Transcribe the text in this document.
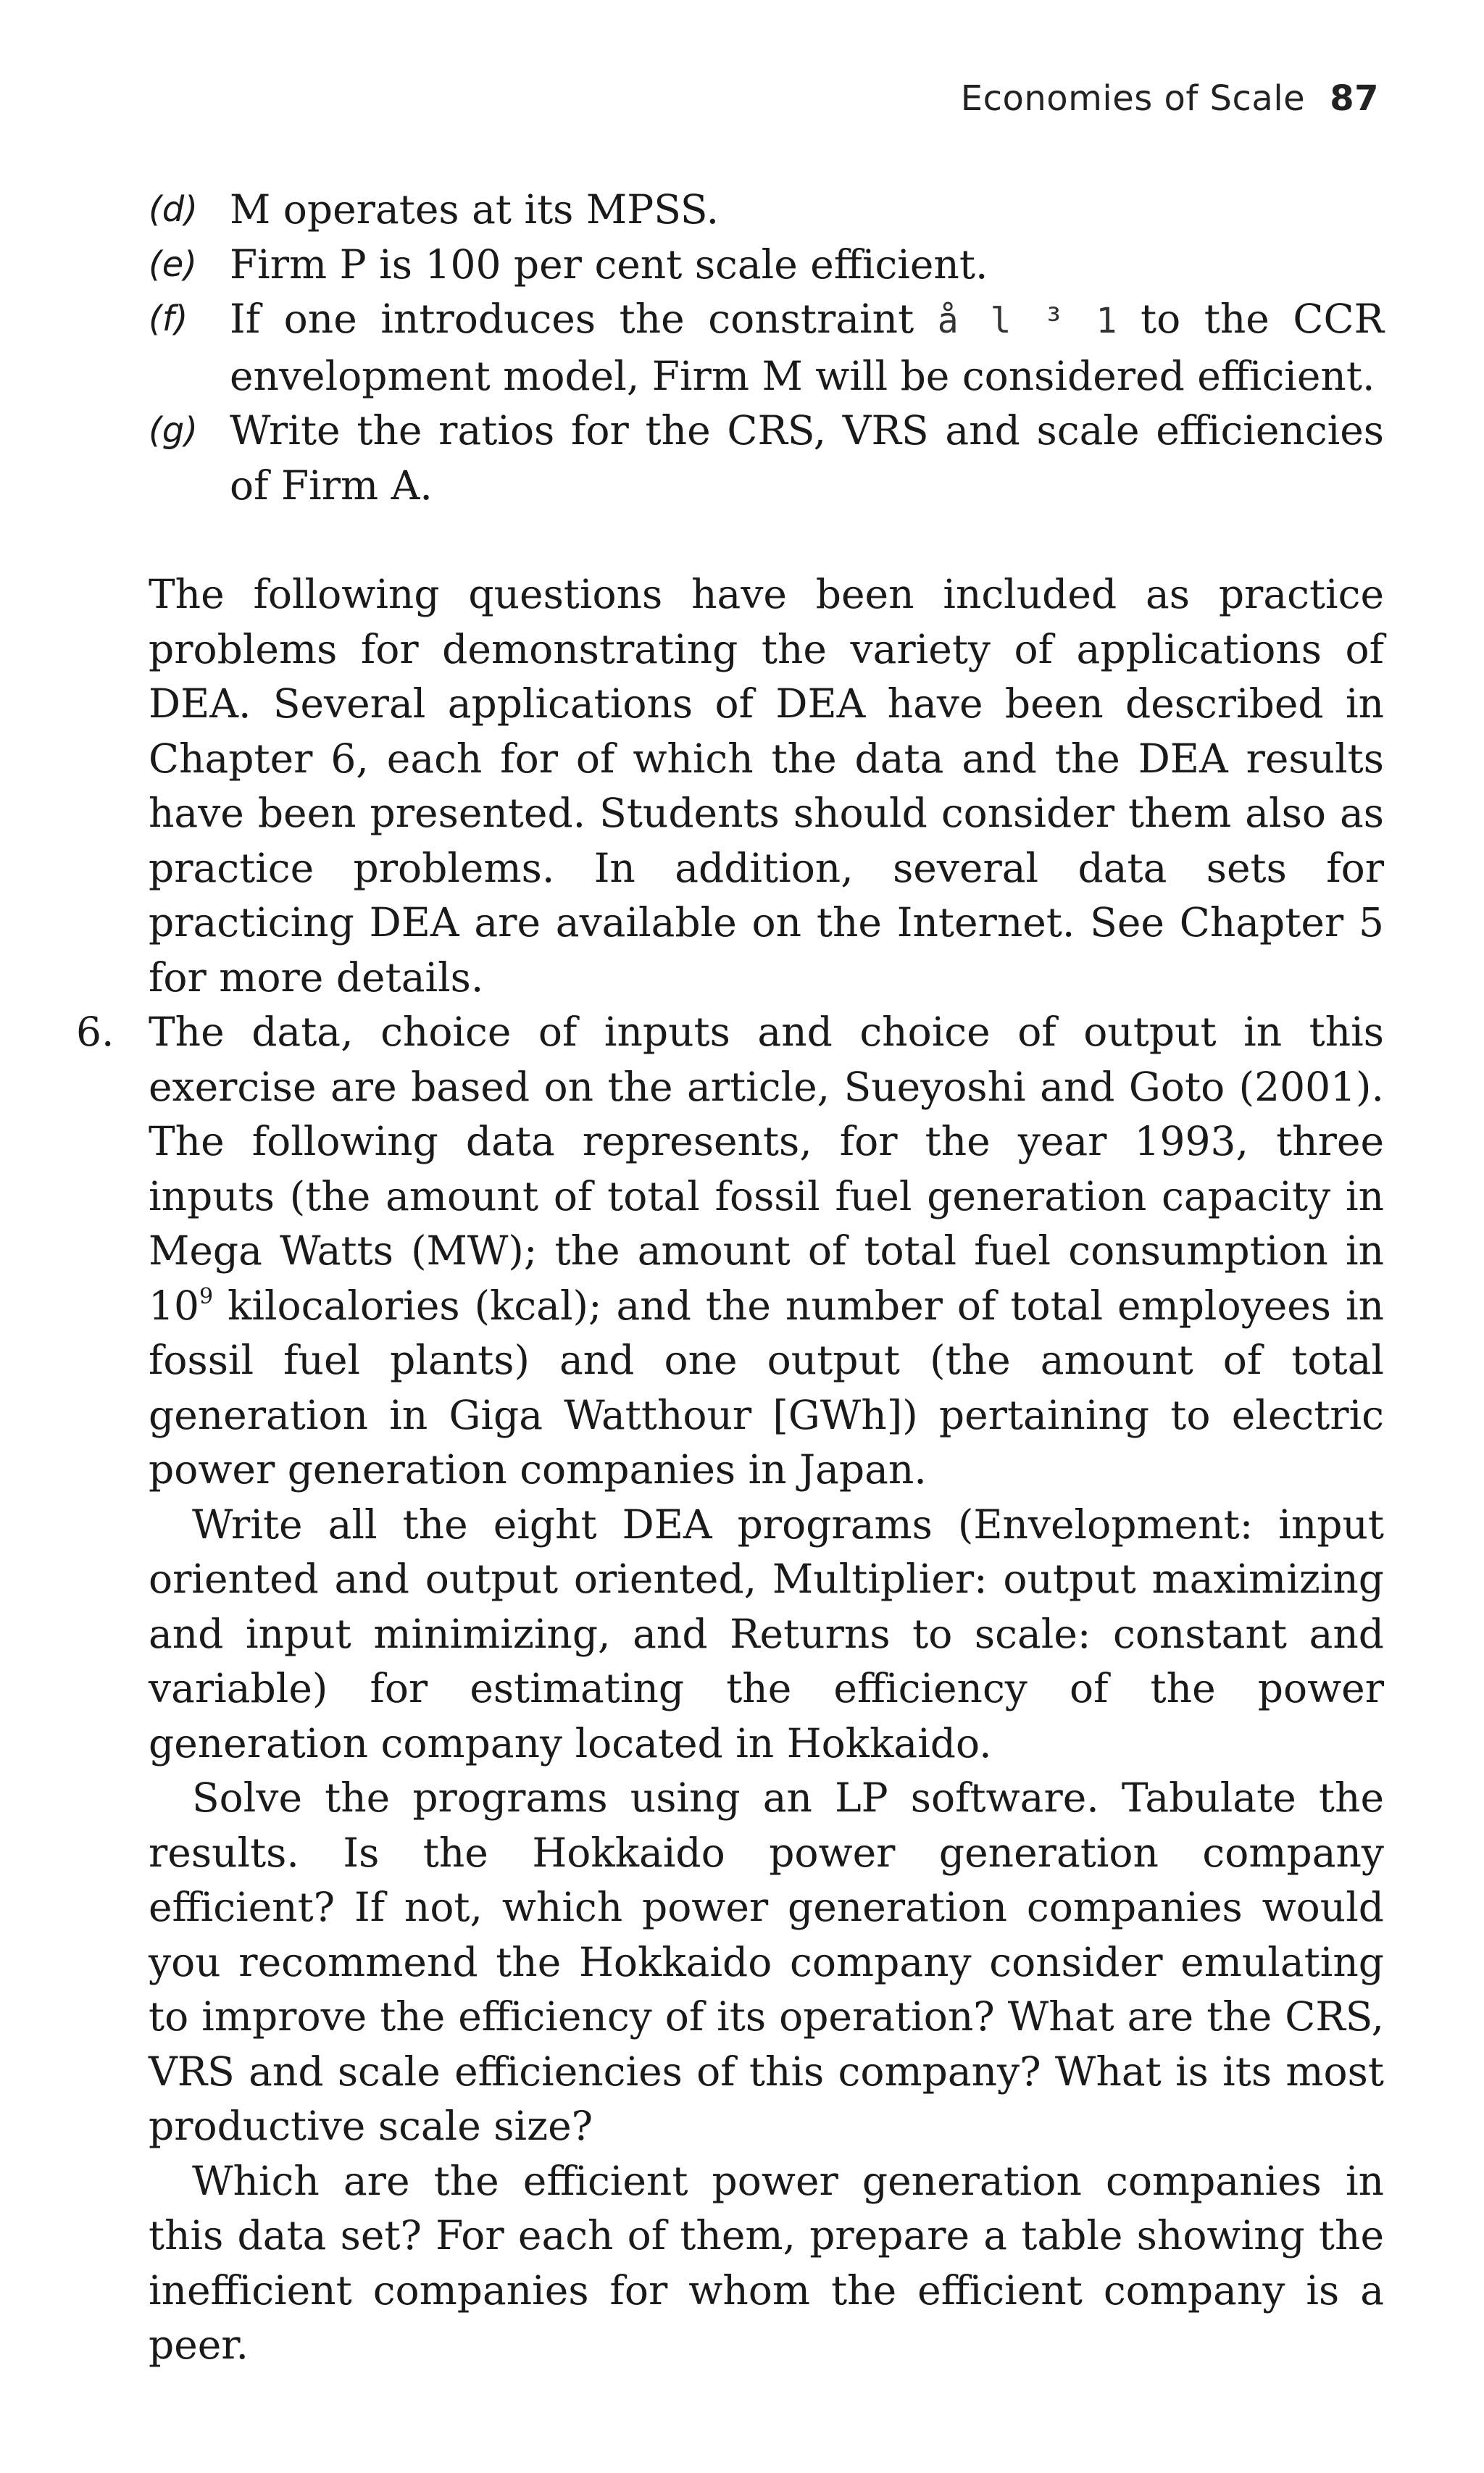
Economies of Scale 87
(d) M operates at its MPSS.
(e) Firm P is 100 per cent scale efficient.
(f) If one introduces the constraint å l ³ 1 to the CCR envelopment model, Firm M will be considered efficient.
(g) Write the ratios for the CRS, VRS and scale efficiencies of Firm A.
The following questions have been included as practice problems for demonstrating the variety of applications of DEA. Several applications of DEA have been described in Chapter 6, each for of which the data and the DEA results have been presented. Students should consider them also as practice problems. In addition, several data sets for practicing DEA are available on the Internet. See Chapter 5 for more details.
6. The data, choice of inputs and choice of output in this exercise are based on the article, Sueyoshi and Goto (2001). The following data represents, for the year 1993, three inputs (the amount of total fossil fuel generation capacity in Mega Watts (MW); the amount of total fuel consumption in $10^9$ kilocalories (kcal); and the number of total employees in fossil fuel plants) and one output (the amount of total generation in Giga Watthour [GWh]) pertaining to electric power generation companies in Japan.
Write all the eight DEA programs (Envelopment: input oriented and output oriented, Multiplier: output maximizing and input minimizing, and Returns to scale: constant and variable) for estimating the efficiency of the power generation company located in Hokkaido.
Solve the programs using an LP software. Tabulate the results. Is the Hokkaido power generation company efficient? If not, which power generation companies would you recommend the Hokkaido company consider emulating to improve the efficiency of its operation? What are the CRS, VRS and scale efficiencies of this company? What is its most productive scale size?
Which are the efficient power generation companies in this data set? For each of them, prepare a table showing the inefficient companies for whom the efficient company is a peer.
